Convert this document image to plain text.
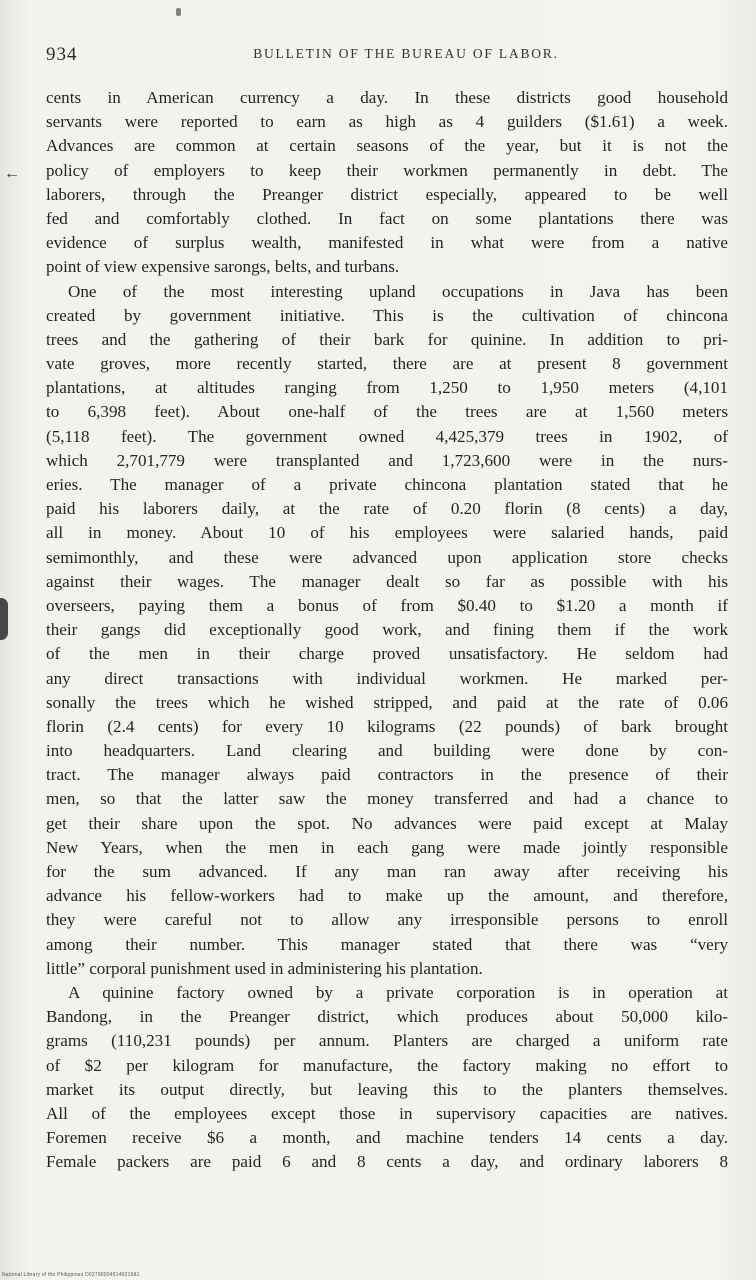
←
934	BULLETIN OF THE BUREAU OF LABOR.
cents in American currency a day. In these districts good household
servants were reported to earn as high as 4 guilders ($1.61) a week.
Advances are common at certain seasons of the year, but it is not the
policy of employers to keep their workmen permanently in debt. The
laborers, through the Preanger district especially, appeared to be well
fed and comfortably clothed. In fact on some plantations there was
evidence of surplus wealth, manifested in what were from a native
point of view expensive sarongs, belts, and turbans.
One of the most interesting upland occupations in Java has been
created by government initiative. This is the cultivation of chincona
trees and the gathering of their bark for quinine. In addition to pri-
vate groves, more recently started, there are at present 8 government
plantations, at altitudes ranging from 1,250 to 1,950 meters (4,101
to 6,398 feet). About one-half of the trees are at 1,560 meters
(5,118 feet). The government owned 4,425,379 trees in 1902, of
which 2,701,779 were transplanted and 1,723,600 were in the nurs-
eries. The manager of a private chincona plantation stated that he
paid his laborers daily, at the rate of 0.20 florin (8 cents) a day,
all in money. About 10 of his employees were salaried hands, paid
semimonthly, and these were advanced upon application store checks
against their wages. The manager dealt so far as possible with his
overseers, paying them a bonus of from $0.40 to $1.20 a month if
their gangs did exceptionally good work, and fining them if the work
of the men in their charge proved unsatisfactory. He seldom had
any direct transactions with individual workmen. He marked per-
sonally the trees which he wished stripped, and paid at the rate of 0.06
florin (2.4 cents) for every 10 kilograms (22 pounds) of bark brought
into headquarters. Land clearing and building were done by con-
tract. The manager always paid contractors in the presence of their
men, so that the latter saw the money transferred and had a chance to
get their share upon the spot. No advances were paid except at Malay
New Years, when the men in each gang were made jointly responsible
for the sum advanced. If any man ran away after receiving his
advance his fellow-workers had to make up the amount, and therefore,
they were careful not to allow any irresponsible persons to enroll
among their number. This manager stated that there was “very
little” corporal punishment used in administering his plantation.
A quinine factory owned by a private corporation is in operation at
Bandong, in the Preanger district, which produces about 50,000 kilo-
grams (110,231 pounds) per annum. Planters are charged a uniform rate
of $2 per kilogram for manufacture, the factory making no effort to
market its output directly, but leaving this to the planters themselves.
All of the employees except those in supervisory capacities are natives.
Foremen receive $6 a month, and machine tenders 14 cents a day.
Female packers are paid 6 and 8 cents a day, and ordinary laborers 8
National Library of the Philippines D02790004514021681
